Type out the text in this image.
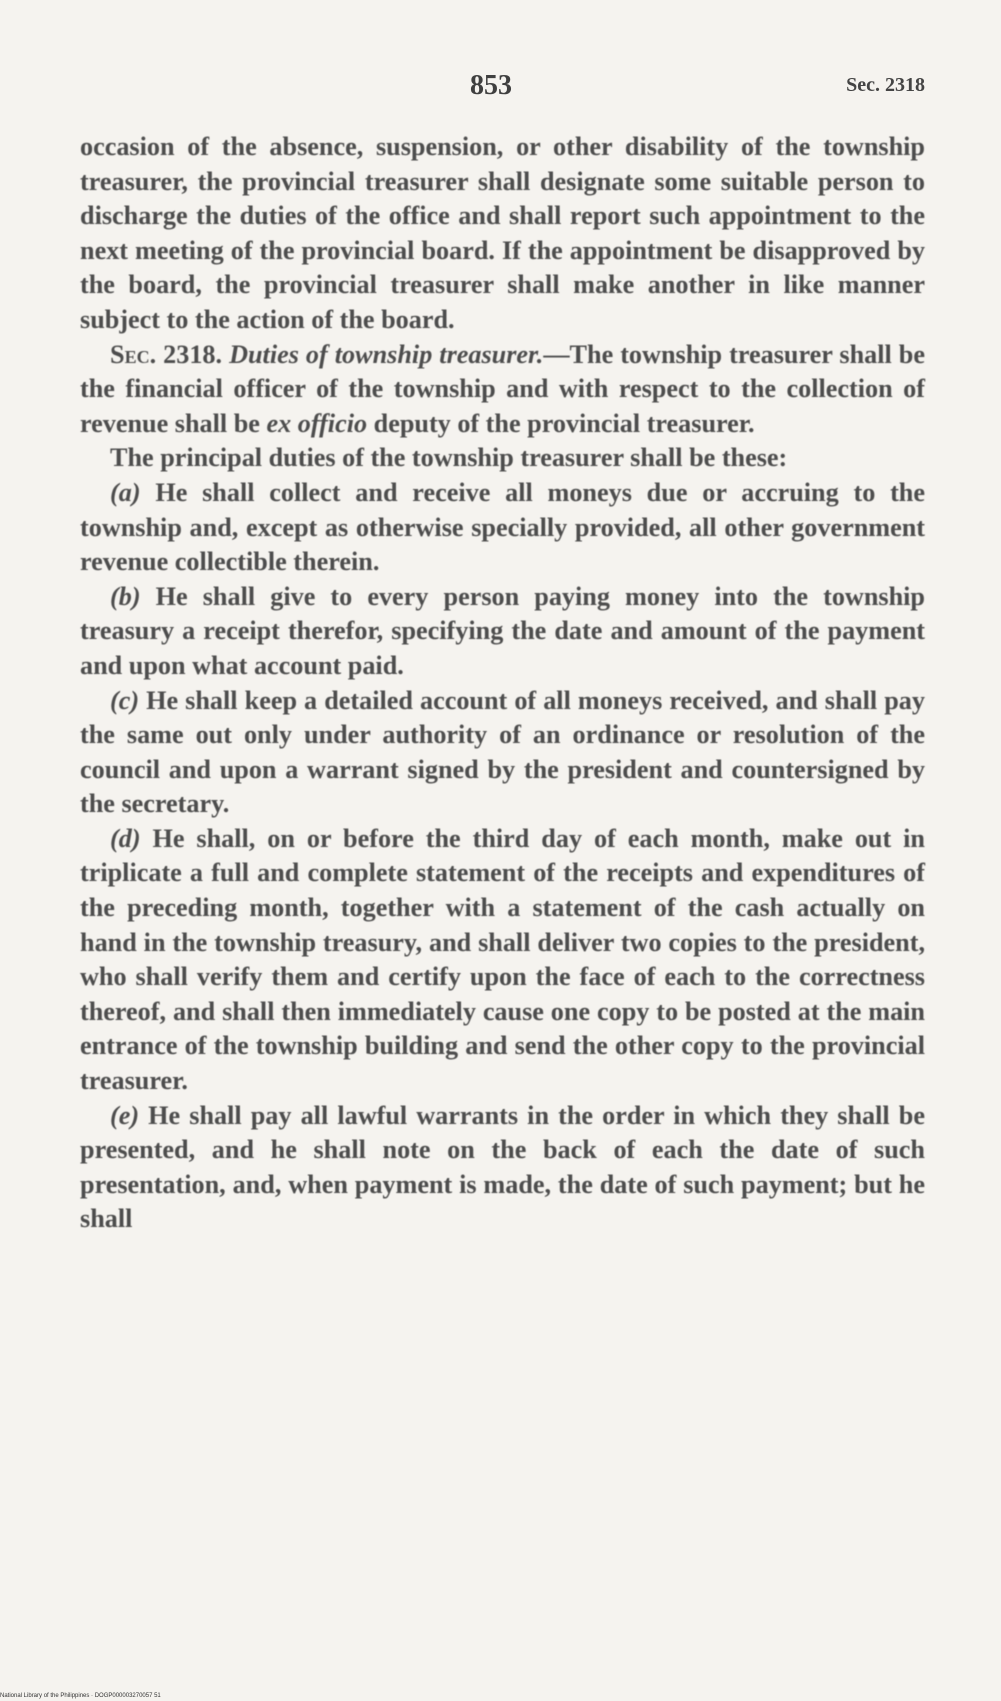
853	Sec. 2318

occasion of the absence, suspension, or other disability of the township treasurer, the provincial treasurer shall designate some suitable person to discharge the duties of the office and shall report such appointment to the next meeting of the provincial board. If the appointment be disapproved by the board, the provincial treasurer shall make another in like manner subject to the action of the board.

Sec. 2318. Duties of township treasurer.—The township treasurer shall be the financial officer of the township and with respect to the collection of revenue shall be ex officio deputy of the provincial treasurer.

The principal duties of the township treasurer shall be these:

(a) He shall collect and receive all moneys due or accruing to the township and, except as otherwise specially provided, all other government revenue collectible therein.

(b) He shall give to every person paying money into the township treasury a receipt therefor, specifying the date and amount of the payment and upon what account paid.

(c) He shall keep a detailed account of all moneys received, and shall pay the same out only under authority of an ordinance or resolution of the council and upon a warrant signed by the president and countersigned by the secretary.

(d) He shall, on or before the third day of each month, make out in triplicate a full and complete statement of the receipts and expenditures of the preceding month, together with a statement of the cash actually on hand in the township treasury, and shall deliver two copies to the president, who shall verify them and certify upon the face of each to the correctness thereof, and shall then immediately cause one copy to be posted at the main entrance of the township building and send the other copy to the provincial treasurer.

(e) He shall pay all lawful warrants in the order in which they shall be presented, and he shall note on the back of each the date of such presentation, and, when payment is made, the date of such payment; but he shall

National Library of the Philippines · DOGP000003270057 51
